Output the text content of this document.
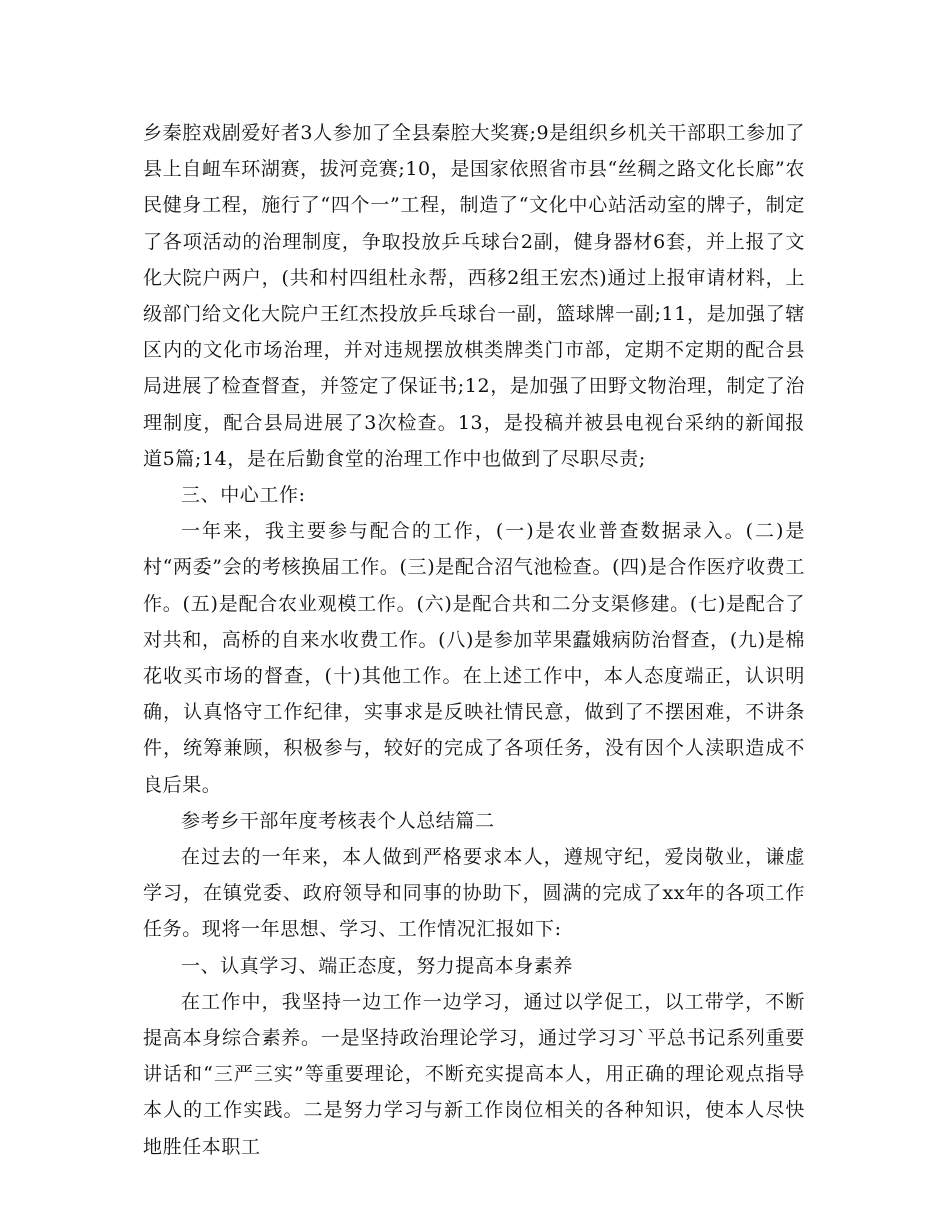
乡秦腔戏剧爱好者3人参加了全县秦腔大奖赛;9是组织乡机关干部职工参加了县上自衄车环湖赛，拔河竞赛;10，是国家依照省市县“丝稠之路文化长廊”农民健身工程，施行了“四个一”工程，制造了“文化中心站活动室的牌子，制定了各项活动的治理制度，争取投放乒乓球台2副，健身器材6套，并上报了文化大院户两户，(共和村四组杜永帮，西移2组王宏杰)通过上报审请材料，上级部门给文化大院户王红杰投放乒乓球台一副，篮球牌一副;11，是加强了辖区内的文化市场治理，并对违规摆放棋类牌类门市部，定期不定期的配合县局进展了检查督查，并签定了保证书;12，是加强了田野文物治理，制定了治理制度，配合县局进展了3次检查。13，是投稿并被县电视台采纳的新闻报道5篇;14，是在后勤食堂的治理工作中也做到了尽职尽责;

三、中心工作:

一年来，我主要参与配合的工作，(一)是农业普查数据录入。(二)是村“两委”会的考核换届工作。(三)是配合沼气池检查。(四)是合作医疗收费工作。(五)是配合农业观模工作。(六)是配合共和二分支渠修建。(七)是配合了对共和，高桥的自来水收费工作。(八)是参加苹果蠹娥病防治督查，(九)是棉花收买市场的督查，(十)其他工作。在上述工作中，本人态度端正，认识明确，认真恪守工作纪律，实事求是反映社情民意，做到了不摆困难，不讲条件，统筹兼顾，积极参与，较好的完成了各项任务，没有因个人渎职造成不良后果。

参考乡干部年度考核表个人总结篇二

在过去的一年来，本人做到严格要求本人，遵规守纪，爱岗敬业，谦虚学习，在镇党委、政府领导和同事的协助下，圆满的完成了xx年的各项工作任务。现将一年思想、学习、工作情况汇报如下:

一、认真学习、端正态度，努力提高本身素养

在工作中，我坚持一边工作一边学习，通过以学促工，以工带学，不断提高本身综合素养。一是坚持政治理论学习，通过学习习`平总书记系列重要讲话和“三严三实”等重要理论，不断充实提高本人，用正确的理论观点指导本人的工作实践。二是努力学习与新工作岗位相关的各种知识，使本人尽快地胜任本职工
